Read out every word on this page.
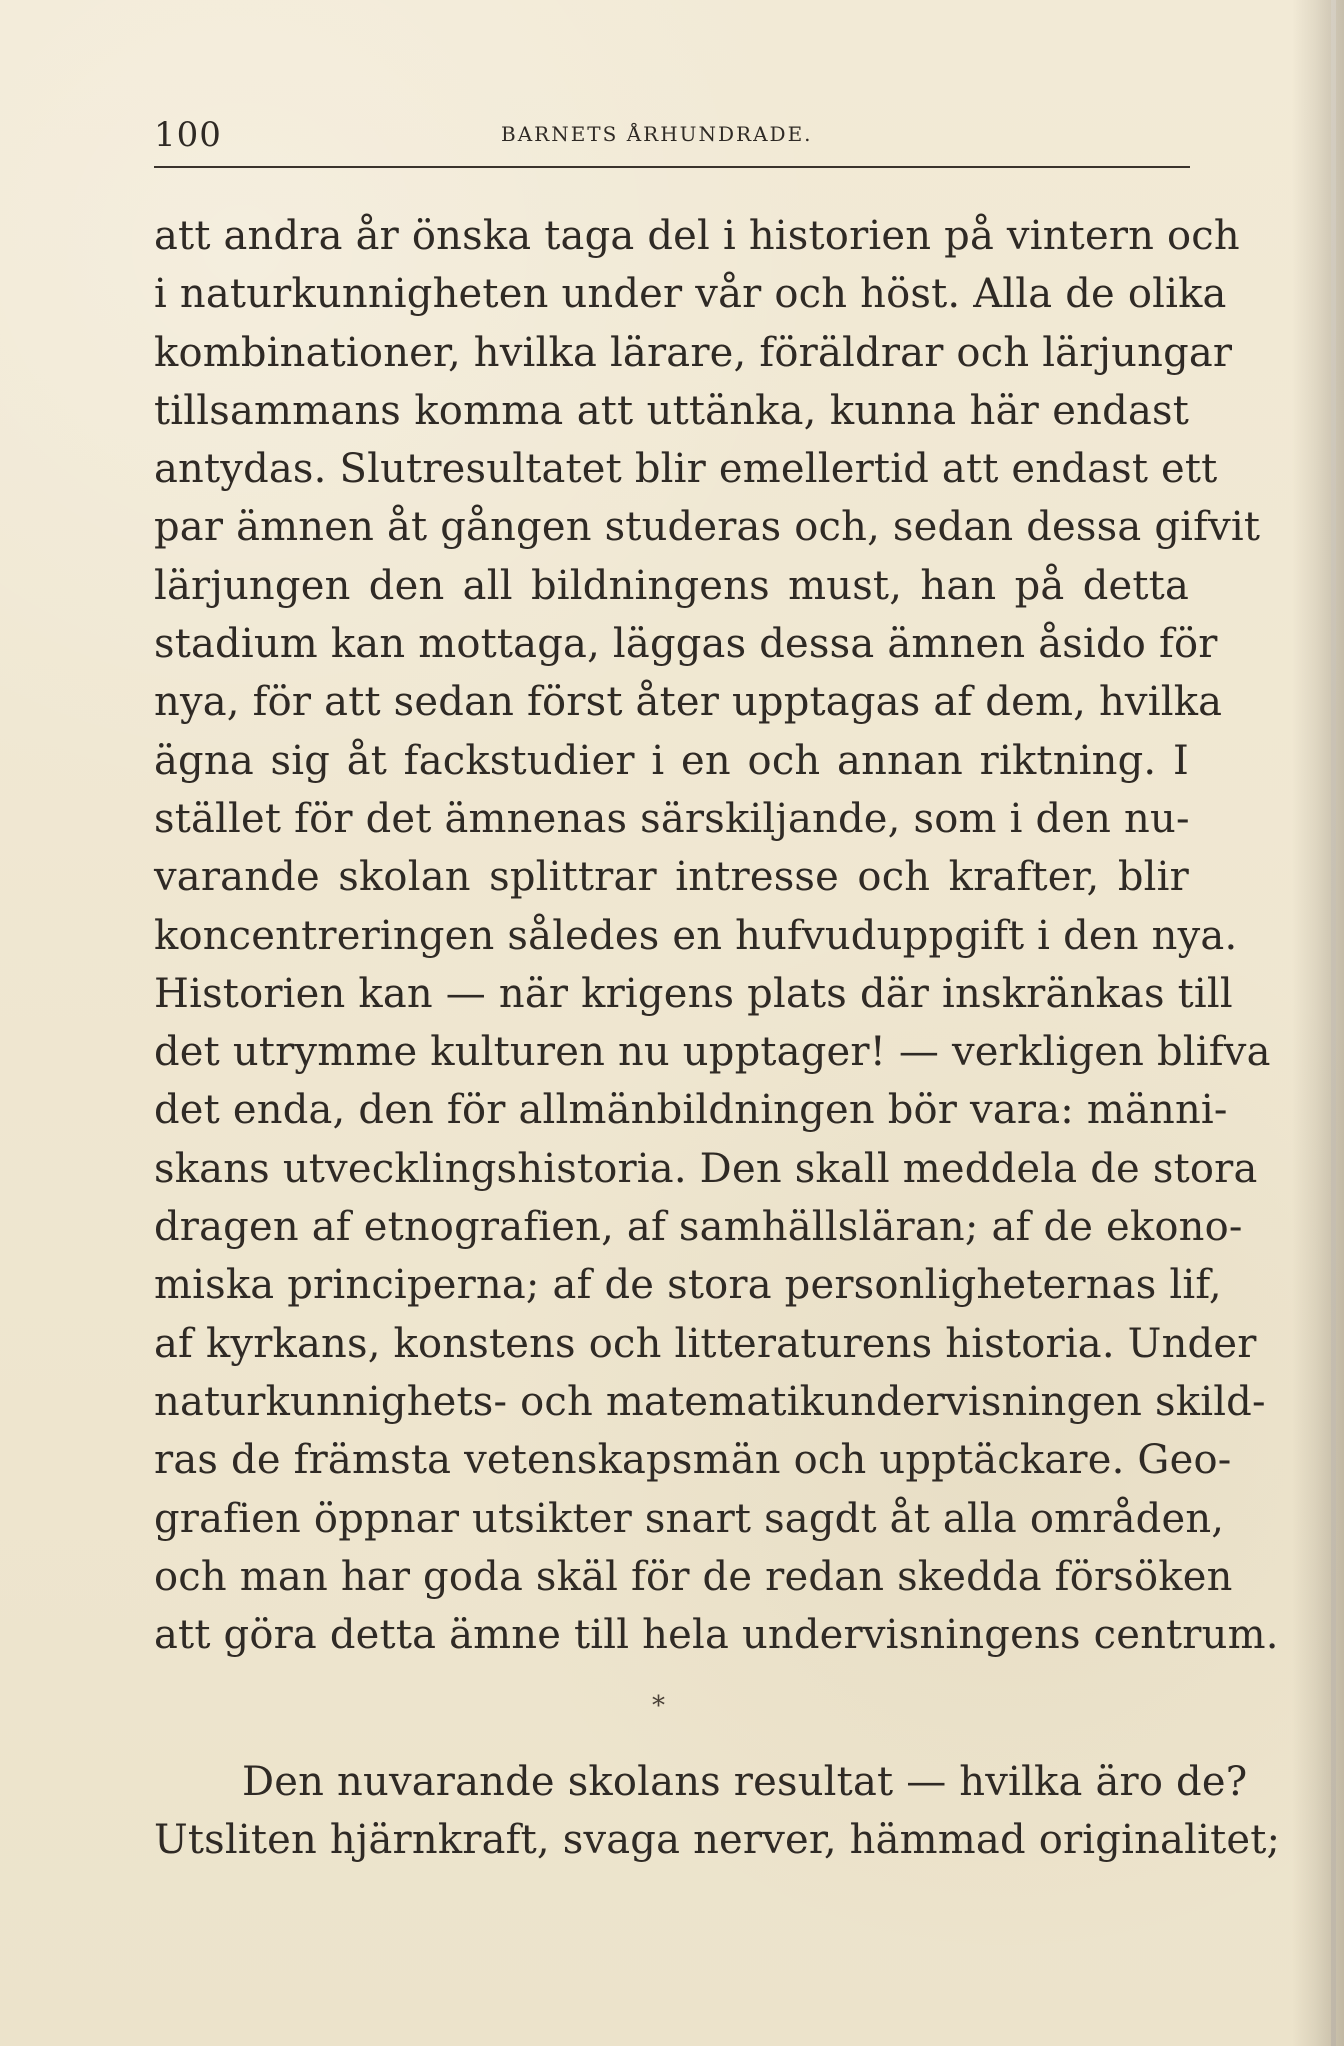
100	BARNETS ÅRHUNDRADE.
att andra år önska taga del i historien på vintern och
i naturkunnigheten under vår och höst. Alla de olika
kombinationer, hvilka lärare, föräldrar och lärjungar
tillsammans komma att uttänka, kunna här endast
antydas. Slutresultatet blir emellertid att endast ett
par ämnen åt gången studeras och, sedan dessa gifvit
lärjungen den all bildningens must, han på detta
stadium kan mottaga, läggas dessa ämnen åsido för
nya, för att sedan först åter upptagas af dem, hvilka
ägna sig åt fackstudier i en och annan riktning. I
stället för det ämnenas särskiljande, som i den nu-
varande skolan splittrar intresse och krafter, blir
koncentreringen således en hufvuduppgift i den nya.
Historien kan — när krigens plats där inskränkas till
det utrymme kulturen nu upptager! — verkligen blifva
det enda, den för allmänbildningen bör vara: männi-
skans utvecklingshistoria. Den skall meddela de stora
dragen af etnografien, af samhällsläran; af de ekono-
miska principerna; af de stora personligheternas lif,
af kyrkans, konstens och litteraturens historia. Under
naturkunnighets- och matematikundervisningen skild-
ras de främsta vetenskapsmän och upptäckare. Geo-
grafien öppnar utsikter snart sagdt åt alla områden,
och man har goda skäl för de redan skedda försöken
att göra detta ämne till hela undervisningens centrum.
*
Den nuvarande skolans resultat — hvilka äro de?
Utsliten hjärnkraft, svaga nerver, hämmad originalitet;
